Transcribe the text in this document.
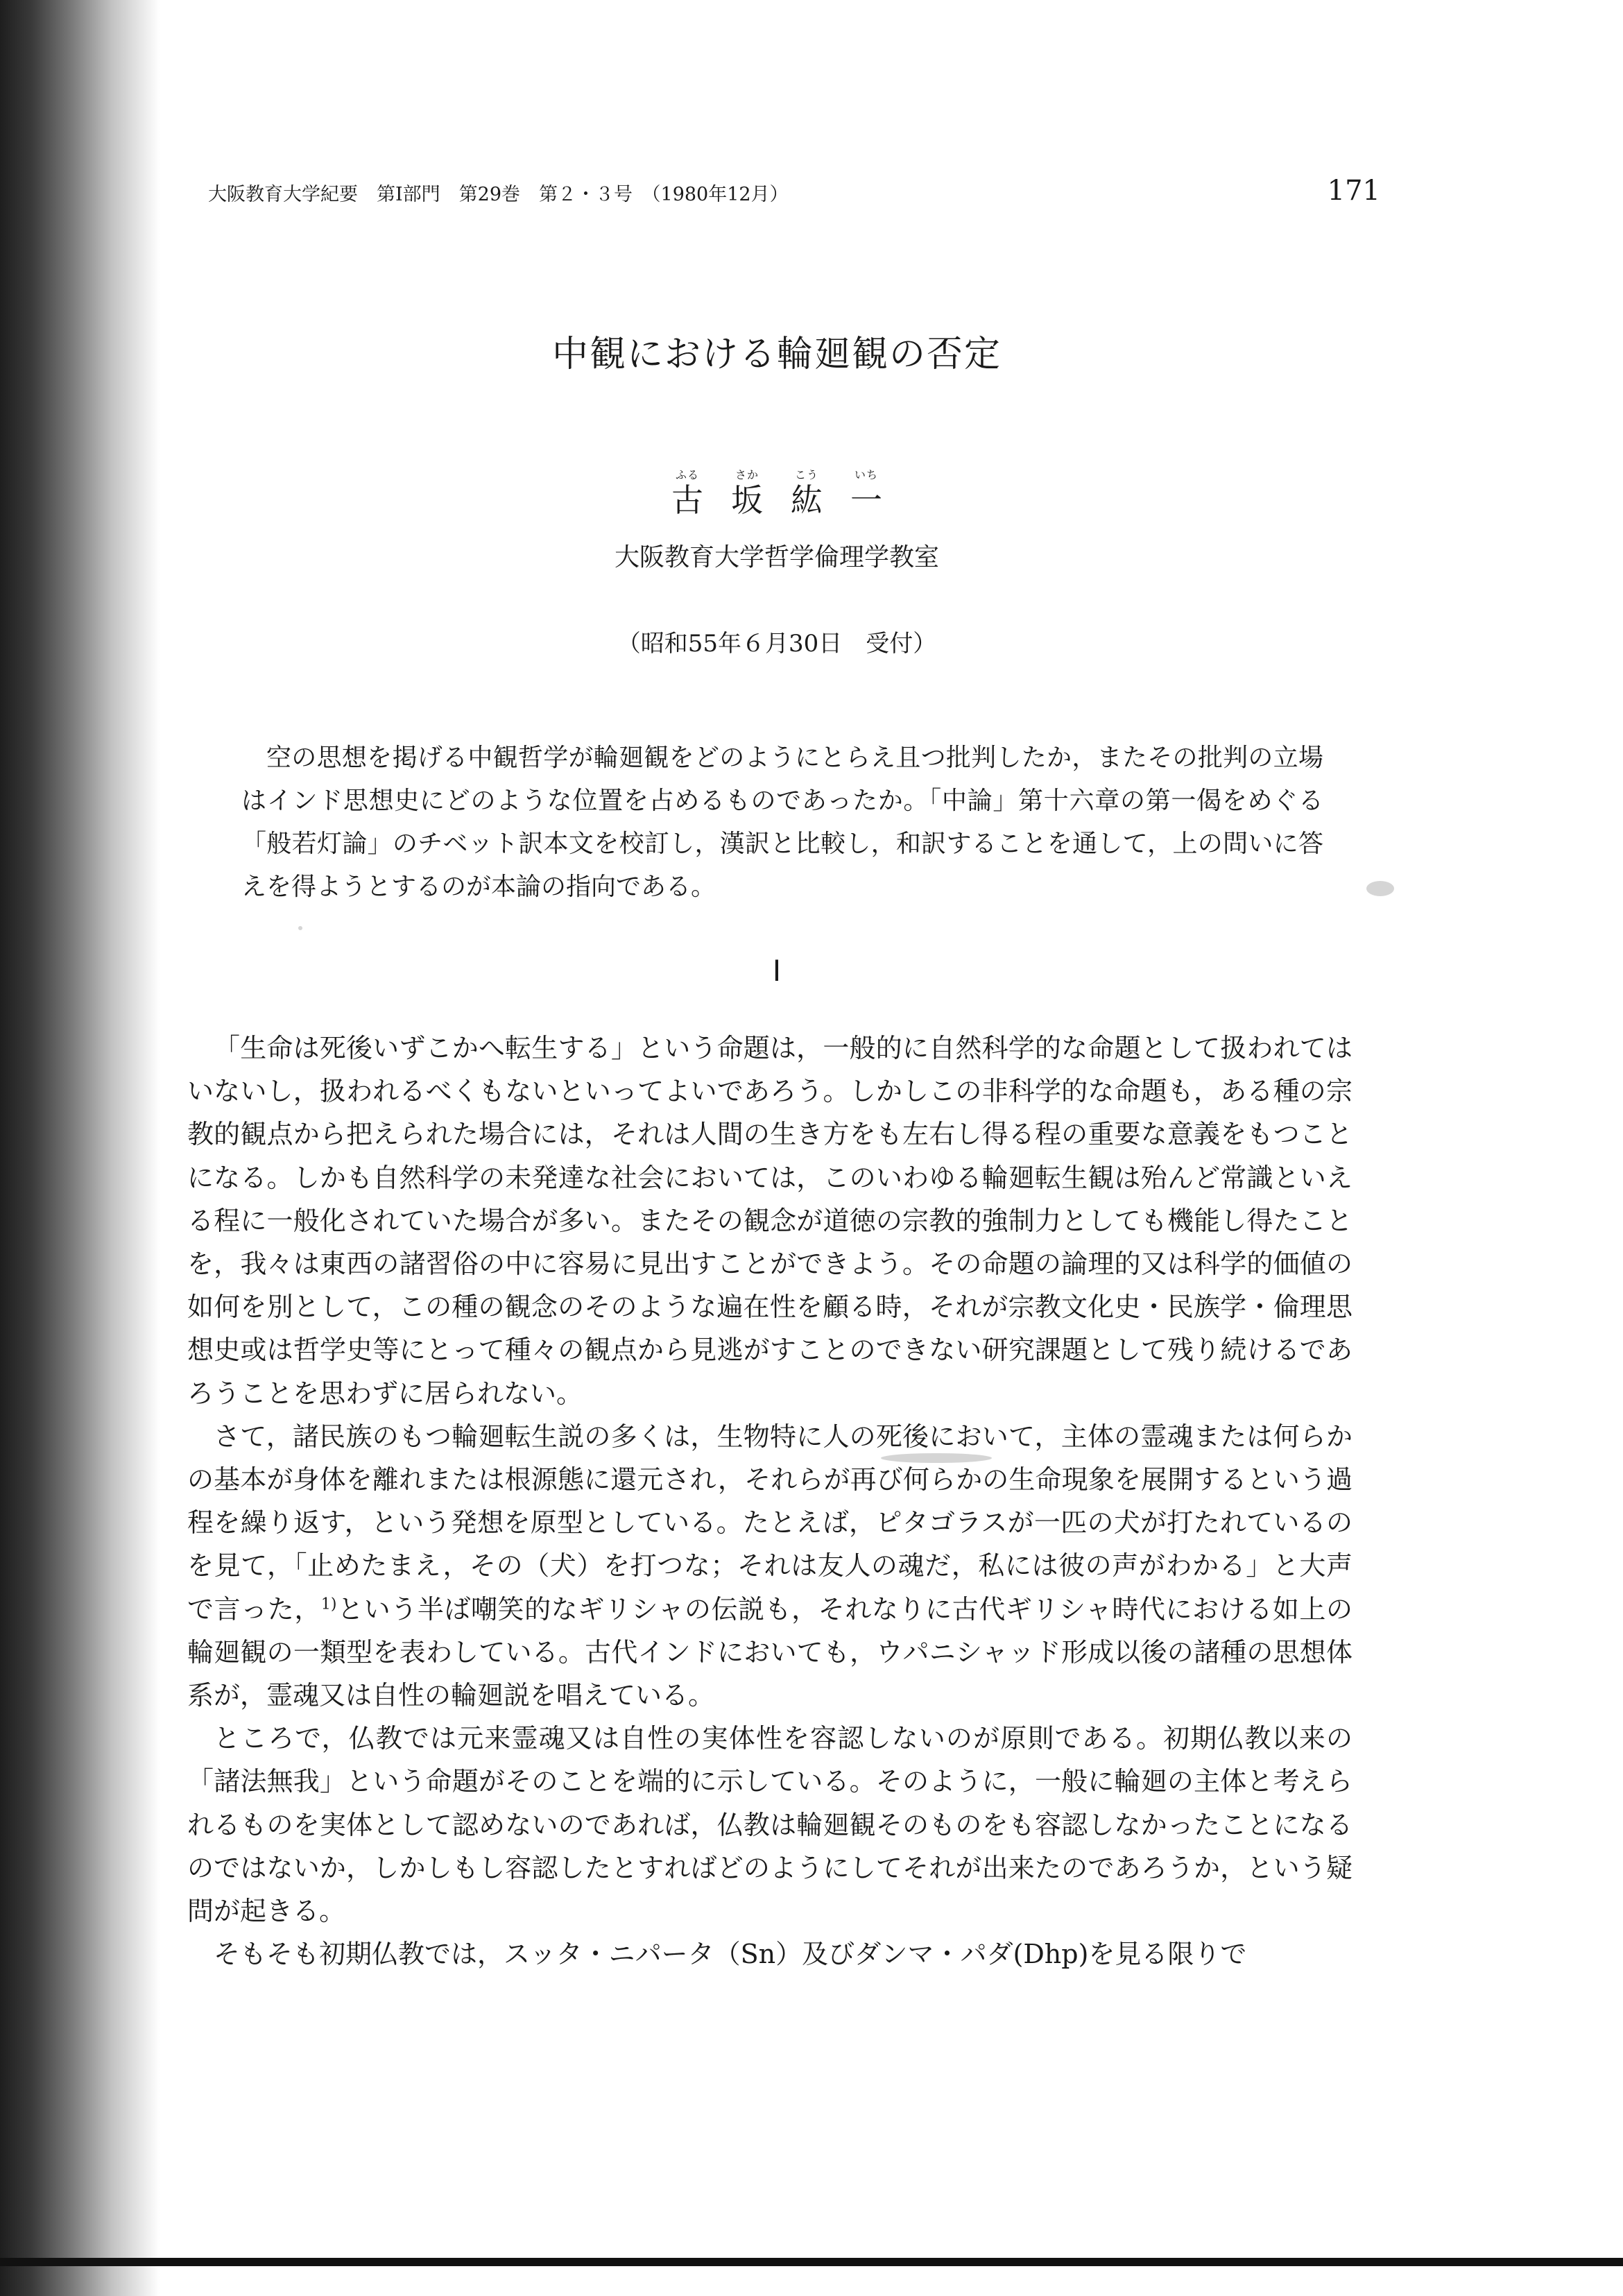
大阪教育大学紀要　第Ⅰ部門　第29巻　第２・３号　（1980年12月）	171
中観における輪廻観の否定
ふる
古
さか
坂
こう
紘
いち
一
大阪教育大学哲学倫理学教室
（昭和55年６月30日　受付）

空の思想を掲げる中観哲学が輪廻観をどのようにとらえ且つ批判したか，またその批判の立場はインド思想史にどのような位置を占めるものであったか。「中論」第十六章の第一偈をめぐる「般若灯論」のチベット訳本文を校訂し，漢訳と比較し，和訳することを通して，上の問いに答えを得ようとするのが本論の指向である。

Ⅰ

「生命は死後いずこかへ転生する」という命題は，一般的に自然科学的な命題として扱われてはいないし，扱われるべくもないといってよいであろう。しかしこの非科学的な命題も，ある種の宗教的観点から把えられた場合には，それは人間の生き方をも左右し得る程の重要な意義をもつことになる。しかも自然科学の未発達な社会においては，このいわゆる輪廻転生観は殆んど常識といえる程に一般化されていた場合が多い。またその観念が道徳の宗教的強制力としても機能し得たことを，我々は東西の諸習俗の中に容易に見出すことができよう。その命題の論理的又は科学的価値の如何を別として，この種の観念のそのような遍在性を顧る時，それが宗教文化史・民族学・倫理思想史或は哲学史等にとって種々の観点から見逃がすことのできない研究課題として残り続けるであろうことを思わずに居られない。

さて，諸民族のもつ輪廻転生説の多くは，生物特に人の死後において，主体の霊魂または何らかの基本が身体を離れまたは根源態に還元され，それらが再び何らかの生命現象を展開するという過程を繰り返す，という発想を原型としている。たとえば，ピタゴラスが一匹の犬が打たれているのを見て，「止めたまえ，その（犬）を打つな；それは友人の魂だ，私には彼の声がわかる」と大声で言った，$^{1)}$という半ば嘲笑的なギリシャの伝説も，それなりに古代ギリシャ時代における如上の輪廻観の一類型を表わしている。古代インドにおいても，ウパニシャッド形成以後の諸種の思想体系が，霊魂又は自性の輪廻説を唱えている。

ところで，仏教では元来霊魂又は自性の実体性を容認しないのが原則である。初期仏教以来の「諸法無我」という命題がそのことを端的に示している。そのように，一般に輪廻の主体と考えられるものを実体として認めないのであれば，仏教は輪廻観そのものをも容認しなかったことになるのではないか，しかしもし容認したとすればどのようにしてそれが出来たのであろうか，という疑問が起きる。

そもそも初期仏教では，スッタ・ニパータ（Sn）及びダンマ・パダ(Dhp)を見る限りで
